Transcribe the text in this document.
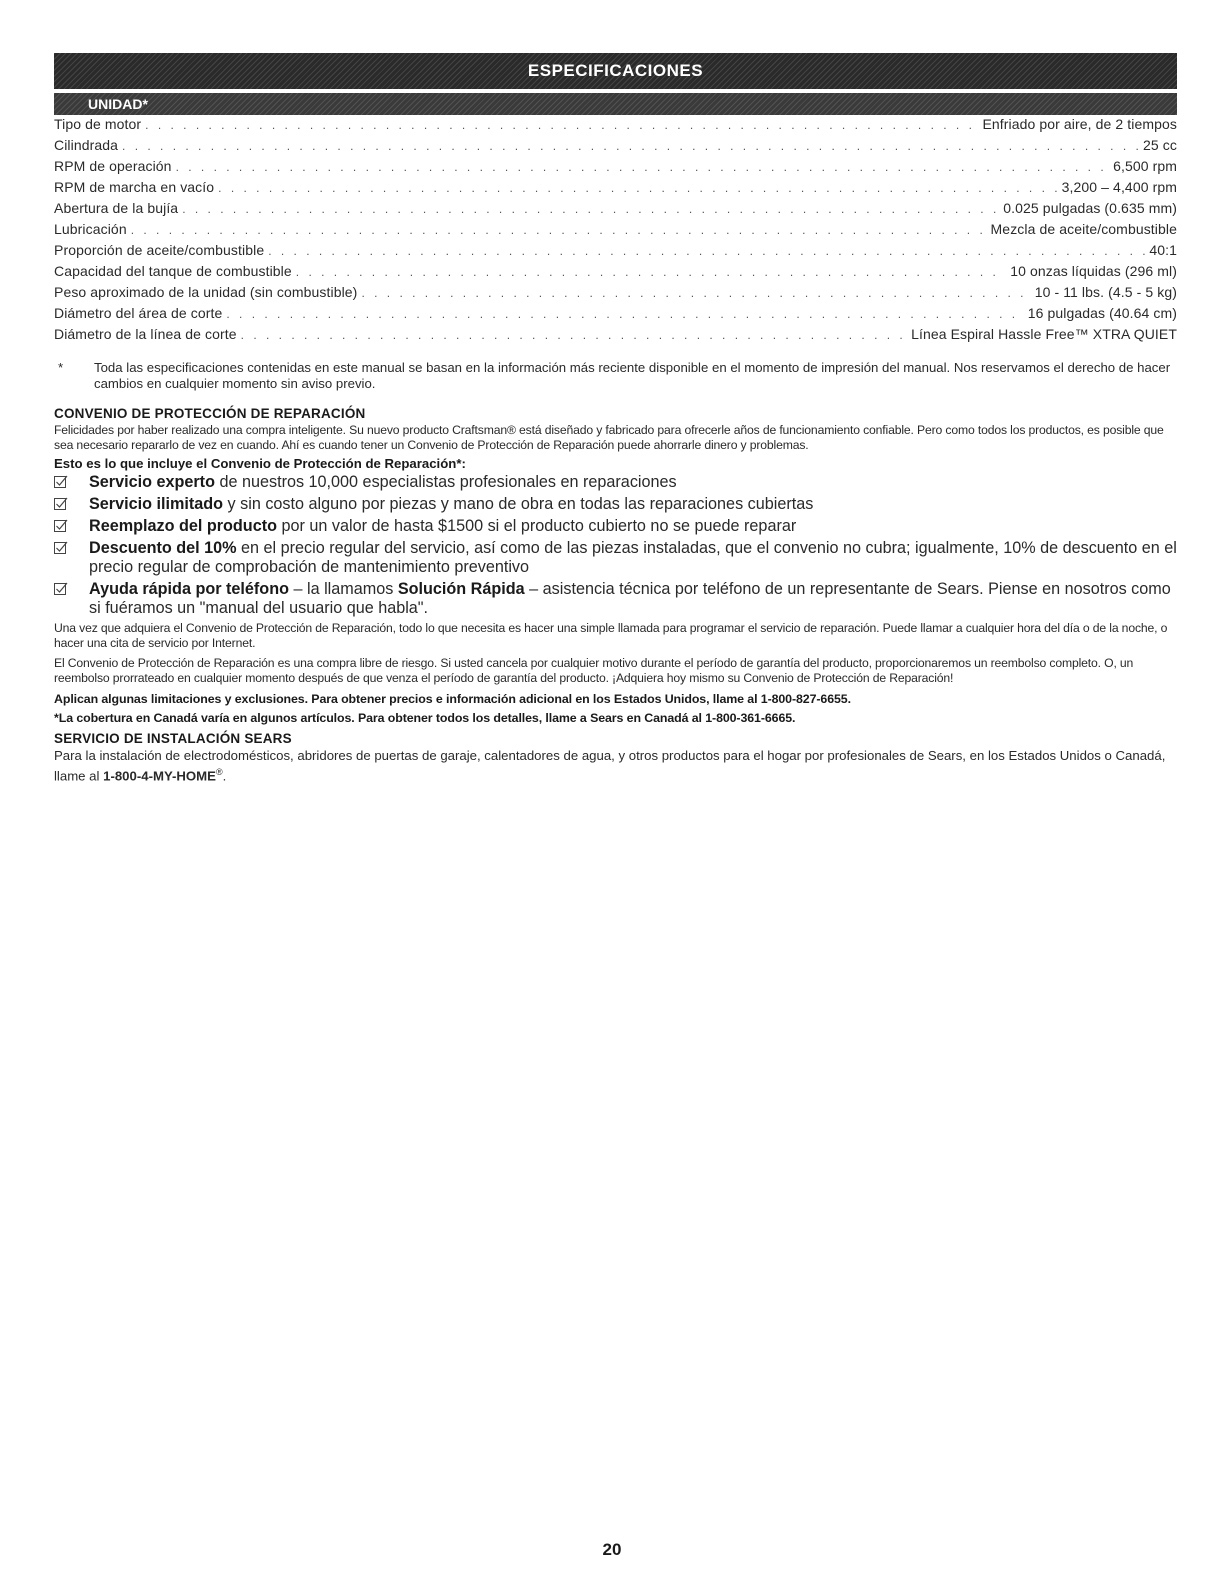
ESPECIFICACIONES
UNIDAD*
Tipo de motor . . .	Enfriado por aire, de 2 tiempos
Cilindrada . . .	25 cc
RPM de operación . . .	6,500 rpm
RPM de marcha en vacío . . .	3,200 – 4,400 rpm
Abertura de la bujía . . .	0.025 pulgadas (0.635 mm)
Lubricación . . .	Mezcla de aceite/combustible
Proporción de aceite/combustible . . .	40:1
Capacidad del tanque de combustible . . .	10 onzas líquidas (296 ml)
Peso aproximado de la unidad (sin combustible) . . .	10 - 11 lbs. (4.5 - 5 kg)
Diámetro del área de corte . . .	16 pulgadas (40.64 cm)
Diámetro de la línea de corte . . .	Línea Espiral Hassle Free™ XTRA QUIET
*	Toda las especificaciones contenidas en este manual se basan en la información más reciente disponible en el momento de impresión del manual. Nos reservamos el derecho de hacer cambios en cualquier momento sin aviso previo.
CONVENIO DE PROTECCIÓN DE REPARACIÓN

Felicidades por haber realizado una compra inteligente. Su nuevo producto Craftsman® está diseñado y fabricado para ofrecerle años de funcionamiento confiable. Pero como todos los productos, es posible que sea necesario repararlo de vez en cuando. Ahí es cuando tener un Convenio de Protección de Reparación puede ahorrarle dinero y problemas.

Esto es lo que incluye el Convenio de Protección de Reparación*:
Servicio experto de nuestros 10,000 especialistas profesionales en reparaciones
Servicio ilimitado y sin costo alguno por piezas y mano de obra en todas las reparaciones cubiertas
Reemplazo del producto por un valor de hasta $1500 si el producto cubierto no se puede reparar
Descuento del 10% en el precio regular del servicio, así como de las piezas instaladas, que el convenio no cubra; igualmente, 10% de descuento en el precio regular de comprobación de mantenimiento preventivo
Ayuda rápida por teléfono – la llamamos Solución Rápida – asistencia técnica por teléfono de un representante de Sears. Piense en nosotros como si fuéramos un "manual del usuario que habla".

Una vez que adquiera el Convenio de Protección de Reparación, todo lo que necesita es hacer una simple llamada para programar el servicio de reparación. Puede llamar a cualquier hora del día o de la noche, o hacer una cita de servicio por Internet.

El Convenio de Protección de Reparación es una compra libre de riesgo. Si usted cancela por cualquier motivo durante el período de garantía del producto, proporcionaremos un reembolso completo. O, un reembolso prorrateado en cualquier momento después de que venza el período de garantía del producto. ¡Adquiera hoy mismo su Convenio de Protección de Reparación!

Aplican algunas limitaciones y exclusiones. Para obtener precios e información adicional en los Estados Unidos, llame al 1-800-827-6655.
*La cobertura en Canadá varía en algunos artículos. Para obtener todos los detalles, llame a Sears en Canadá al 1-800-361-6665.
SERVICIO DE INSTALACIÓN SEARS
Para la instalación de electrodomésticos, abridores de puertas de garaje, calentadores de agua, y otros productos para el hogar por profesionales de Sears, en los Estados Unidos o Canadá, llame al 1-800-4-MY-HOME®.
20
